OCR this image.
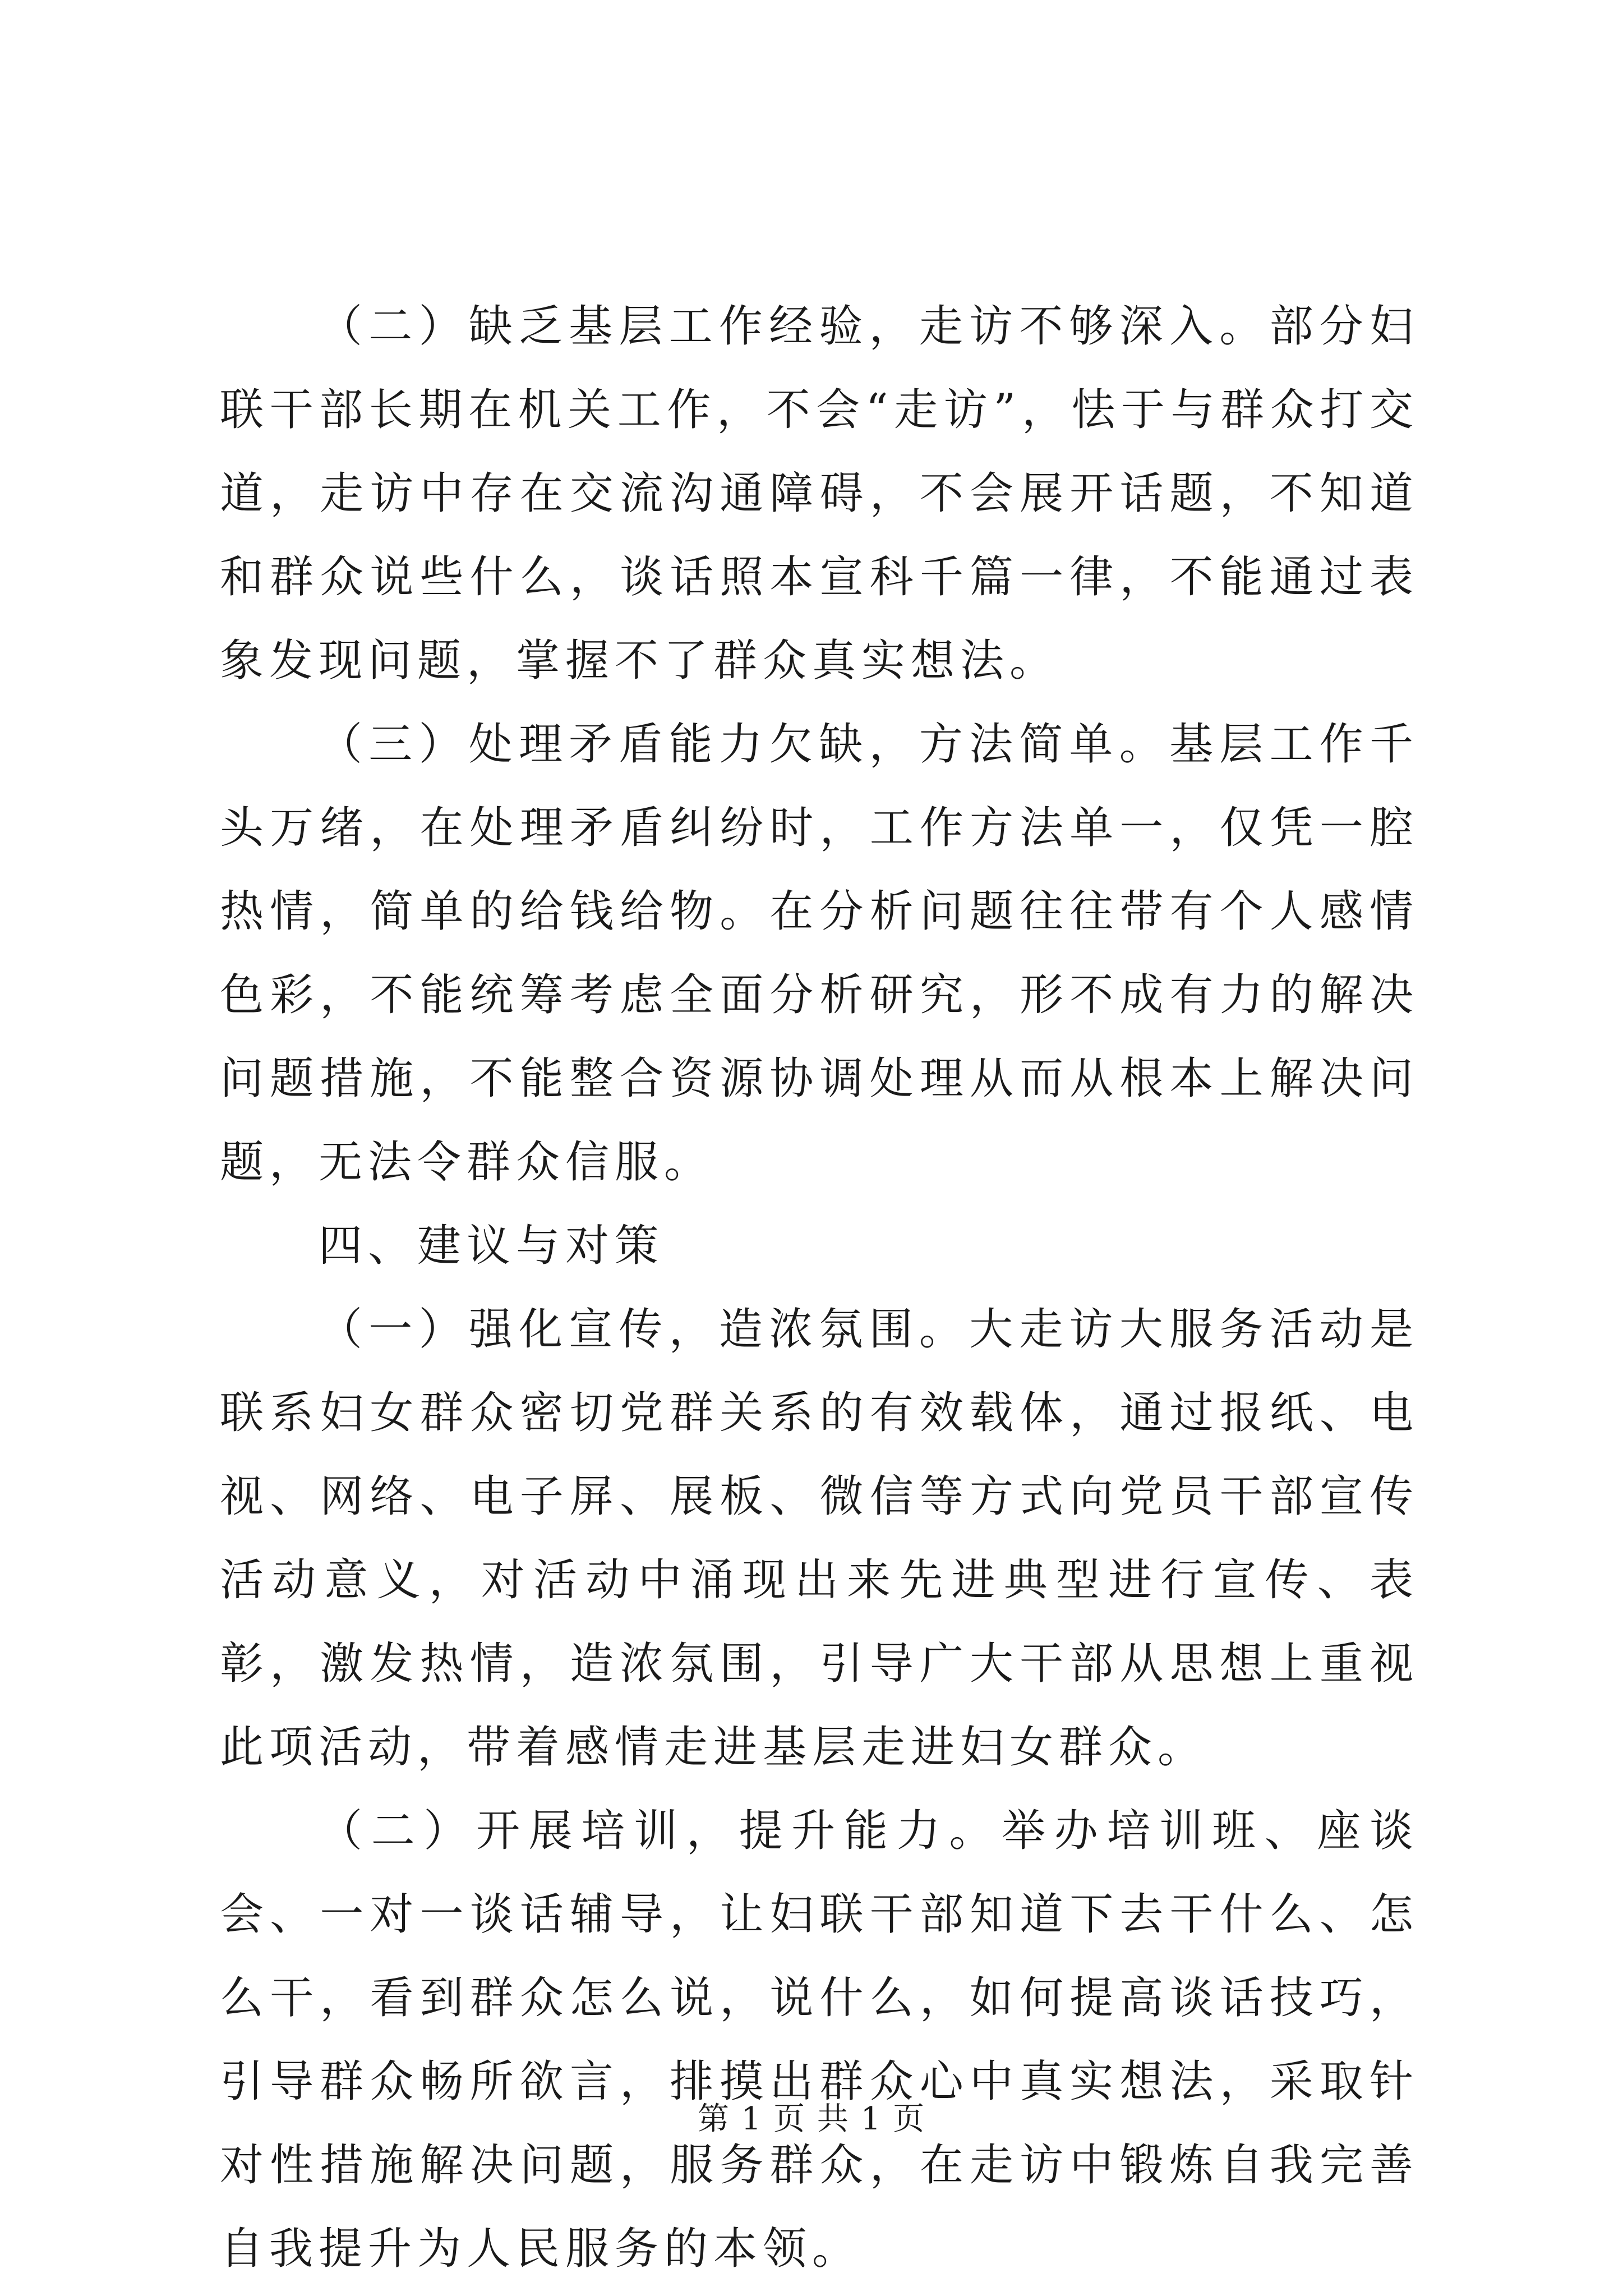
（二）缺乏基层工作经验，走访不够深入。部分妇联干部长期在机关工作，不会“走访”，怯于与群众打交道，走访中存在交流沟通障碍，不会展开话题，不知道和群众说些什么，谈话照本宣科千篇一律，不能通过表象发现问题，掌握不了群众真实想法。

（三）处理矛盾能力欠缺，方法简单。基层工作千头万绪，在处理矛盾纠纷时，工作方法单一，仅凭一腔热情，简单的给钱给物。在分析问题往往带有个人感情色彩，不能统筹考虑全面分析研究，形不成有力的解决问题措施，不能整合资源协调处理从而从根本上解决问题，无法令群众信服。

四、建议与对策

（一）强化宣传，造浓氛围。大走访大服务活动是联系妇女群众密切党群关系的有效载体，通过报纸、电视、网络、电子屏、展板、微信等方式向党员干部宣传活动意义，对活动中涌现出来先进典型进行宣传、表彰，激发热情，造浓氛围，引导广大干部从思想上重视此项活动，带着感情走进基层走进妇女群众。

（二）开展培训，提升能力。举办培训班、座谈会、一对一谈话辅导，让妇联干部知道下去干什么、怎么干，看到群众怎么说，说什么，如何提高谈话技巧，引导群众畅所欲言，排摸出群众心中真实想法，采取针对性措施解决问题，服务群众，在走访中锻炼自我完善自我提升为人民服务的本领。

第 1 页 共 1 页
